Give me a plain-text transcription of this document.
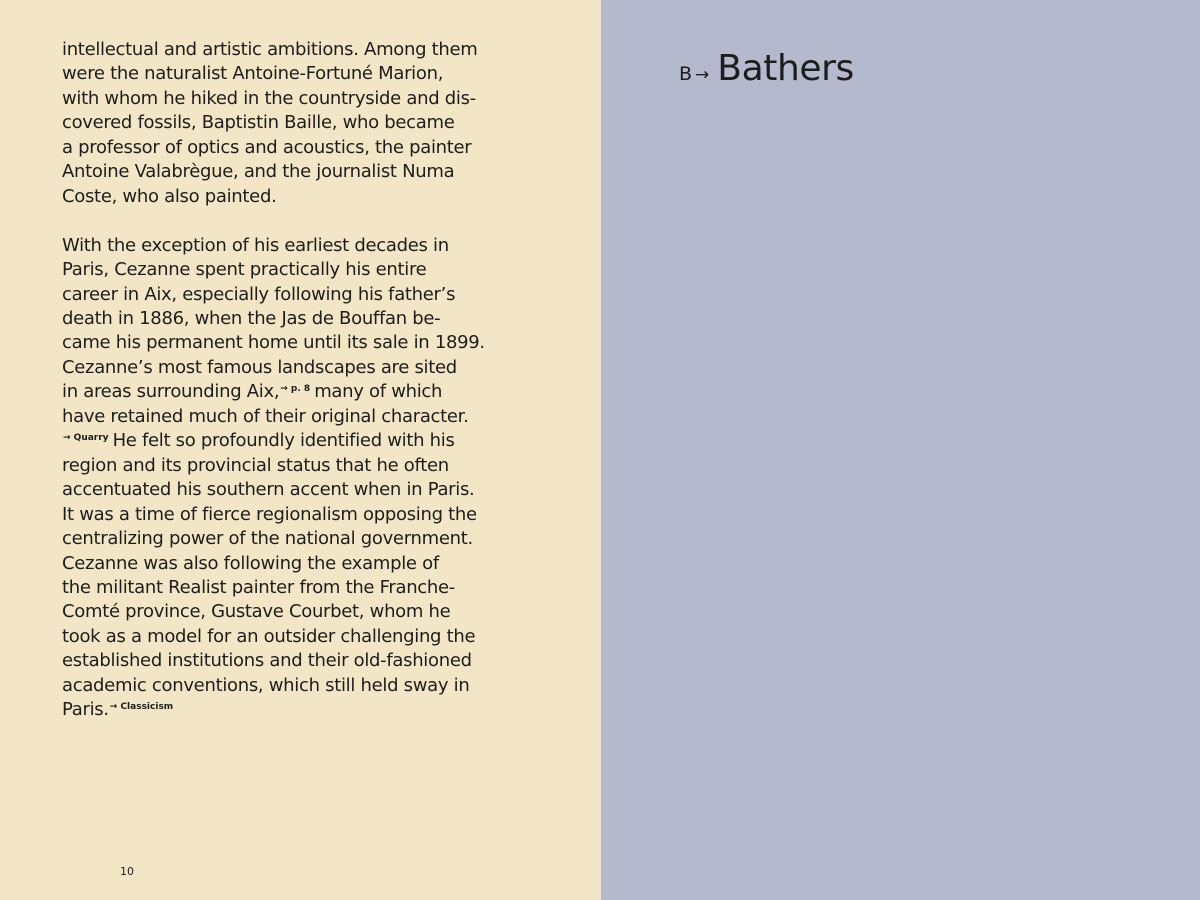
intellectual and artistic ambitions. Among them
were the naturalist Antoine-Fortuné Marion,
with whom he hiked in the countryside and dis-
covered fossils, Baptistin Baille, who became
a professor of optics and acoustics, the painter
Antoine Valabrègue, and the journalist Numa
Coste, who also painted.

With the exception of his earliest decades in
Paris, Cezanne spent practically his entire
career in Aix, especially following his father’s
death in 1886, when the Jas de Bouffan be-
came his permanent home until its sale in 1899.
Cezanne’s most famous landscapes are sited
in areas surrounding Aix,$^{\to p. 8}$ many of which
have retained much of their original character.
$^{\to Quarry}$ He felt so profoundly identified with his
region and its provincial status that he often
accentuated his southern accent when in Paris.
It was a time of fierce regionalism opposing the
centralizing power of the national government.
Cezanne was also following the example of
the militant Realist painter from the Franche-
Comté province, Gustave Courbet, whom he
took as a model for an outsider challenging the
established institutions and their old-fashioned
academic conventions, which still held sway in
Paris.$^{\to Classicism}$

10
B → Bathers
